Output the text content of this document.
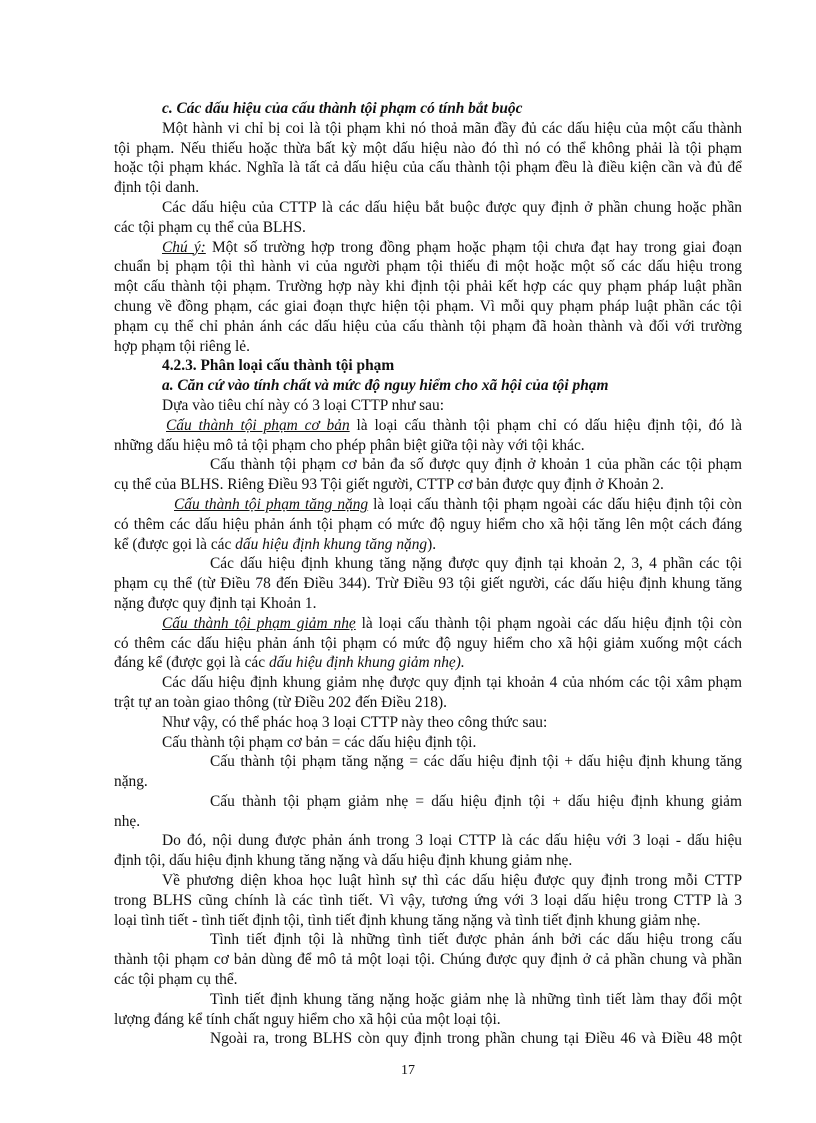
c. Các dấu hiệu của cấu thành tội phạm có tính bắt buộc
Một hành vi chỉ bị coi là tội phạm khi nó thoả mãn đầy đủ các dấu hiệu của một cấu thành
tội phạm. Nếu thiếu hoặc thừa bất kỳ một dấu hiệu nào đó thì nó có thể không phải là tội phạm
hoặc tội phạm khác. Nghĩa là tất cả dấu hiệu của cấu thành tội phạm đều là điều kiện cần và đủ để
định tội danh.
Các dấu hiệu của CTTP là các dấu hiệu bắt buộc được quy định ở phần chung hoặc phần
các tội phạm cụ thể của BLHS.
Chú ý: Một số trường hợp trong đồng phạm hoặc phạm tội chưa đạt hay trong giai đoạn
chuẩn bị phạm tội thì hành vi của người phạm tội thiếu đi một hoặc một số các dấu hiệu trong
một cấu thành tội phạm. Trường hợp này khi định tội phải kết hợp các quy phạm pháp luật phần
chung về đồng phạm, các giai đoạn thực hiện tội phạm. Vì mỗi quy phạm pháp luật phần các tội
phạm cụ thể chỉ phản ánh các dấu hiệu của cấu thành tội phạm đã hoàn thành và đối với trường
hợp phạm tội riêng lẻ.
4.2.3. Phân loại cấu thành tội phạm
a. Căn cứ vào tính chất và mức độ nguy hiểm cho xã hội của tội phạm
Dựa vào tiêu chí này có 3 loại CTTP như sau:
Cấu thành tội phạm cơ bản là loại cấu thành tội phạm chỉ có dấu hiệu định tội, đó là
những dấu hiệu mô tả tội phạm cho phép phân biệt giữa tội này với tội khác.
Cấu thành tội phạm cơ bản đa số được quy định ở khoản 1 của phần các tội phạm
cụ thể của BLHS. Riêng Điều 93 Tội giết người, CTTP cơ bản được quy định ở Khoản 2.
Cấu thành tội phạm tăng nặng là loại cấu thành tội phạm ngoài các dấu hiệu định tội còn
có thêm các dấu hiệu phản ánh tội phạm có mức độ nguy hiểm cho xã hội tăng lên một cách đáng
kể (được gọi là các dấu hiệu định khung tăng nặng).
Các dấu hiệu định khung tăng nặng được quy định tại khoản 2, 3, 4 phần các tội
phạm cụ thể (từ Điều 78 đến Điều 344). Trừ Điều 93 tội giết người, các dấu hiệu định khung tăng
nặng được quy định tại Khoản 1.
Cấu thành tội phạm giảm nhẹ là loại cấu thành tội phạm ngoài các dấu hiệu định tội còn
có thêm các dấu hiệu phản ánh tội phạm có mức độ nguy hiểm cho xã hội giảm xuống một cách
đáng kể (được gọi là các dấu hiệu định khung giảm nhẹ).
Các dấu hiệu định khung giảm nhẹ được quy định tại khoản 4 của nhóm các tội xâm phạm
trật tự an toàn giao thông (từ Điều 202 đến Điều 218).
Như vậy, có thể phác hoạ 3 loại CTTP này theo công thức sau:
Cấu thành tội phạm cơ bản = các dấu hiệu định tội.
Cấu thành tội phạm tăng nặng = các dấu hiệu định tội + dấu hiệu định khung tăng
nặng.
Cấu thành tội phạm giảm nhẹ = dấu hiệu định tội + dấu hiệu định khung giảm
nhẹ.
Do đó, nội dung được phản ánh trong 3 loại CTTP là các dấu hiệu với 3 loại - dấu hiệu
định tội, dấu hiệu định khung tăng nặng và dấu hiệu định khung giảm nhẹ.
Về phương diện khoa học luật hình sự thì các dấu hiệu được quy định trong mỗi CTTP
trong BLHS cũng chính là các tình tiết. Vì vậy, tương ứng với 3 loại dấu hiệu trong CTTP là 3
loại tình tiết - tình tiết định tội, tình tiết định khung tăng nặng và tình tiết định khung giảm nhẹ.
Tình tiết định tội là những tình tiết được phản ánh bởi các dấu hiệu trong cấu
thành tội phạm cơ bản dùng để mô tả một loại tội. Chúng được quy định ở cả phần chung và phần
các tội phạm cụ thể.
Tình tiết định khung tăng nặng hoặc giảm nhẹ là những tình tiết làm thay đổi một
lượng đáng kể tính chất nguy hiểm cho xã hội của một loại tội.
Ngoài ra, trong BLHS còn quy định trong phần chung tại Điều 46 và Điều 48 một
17
